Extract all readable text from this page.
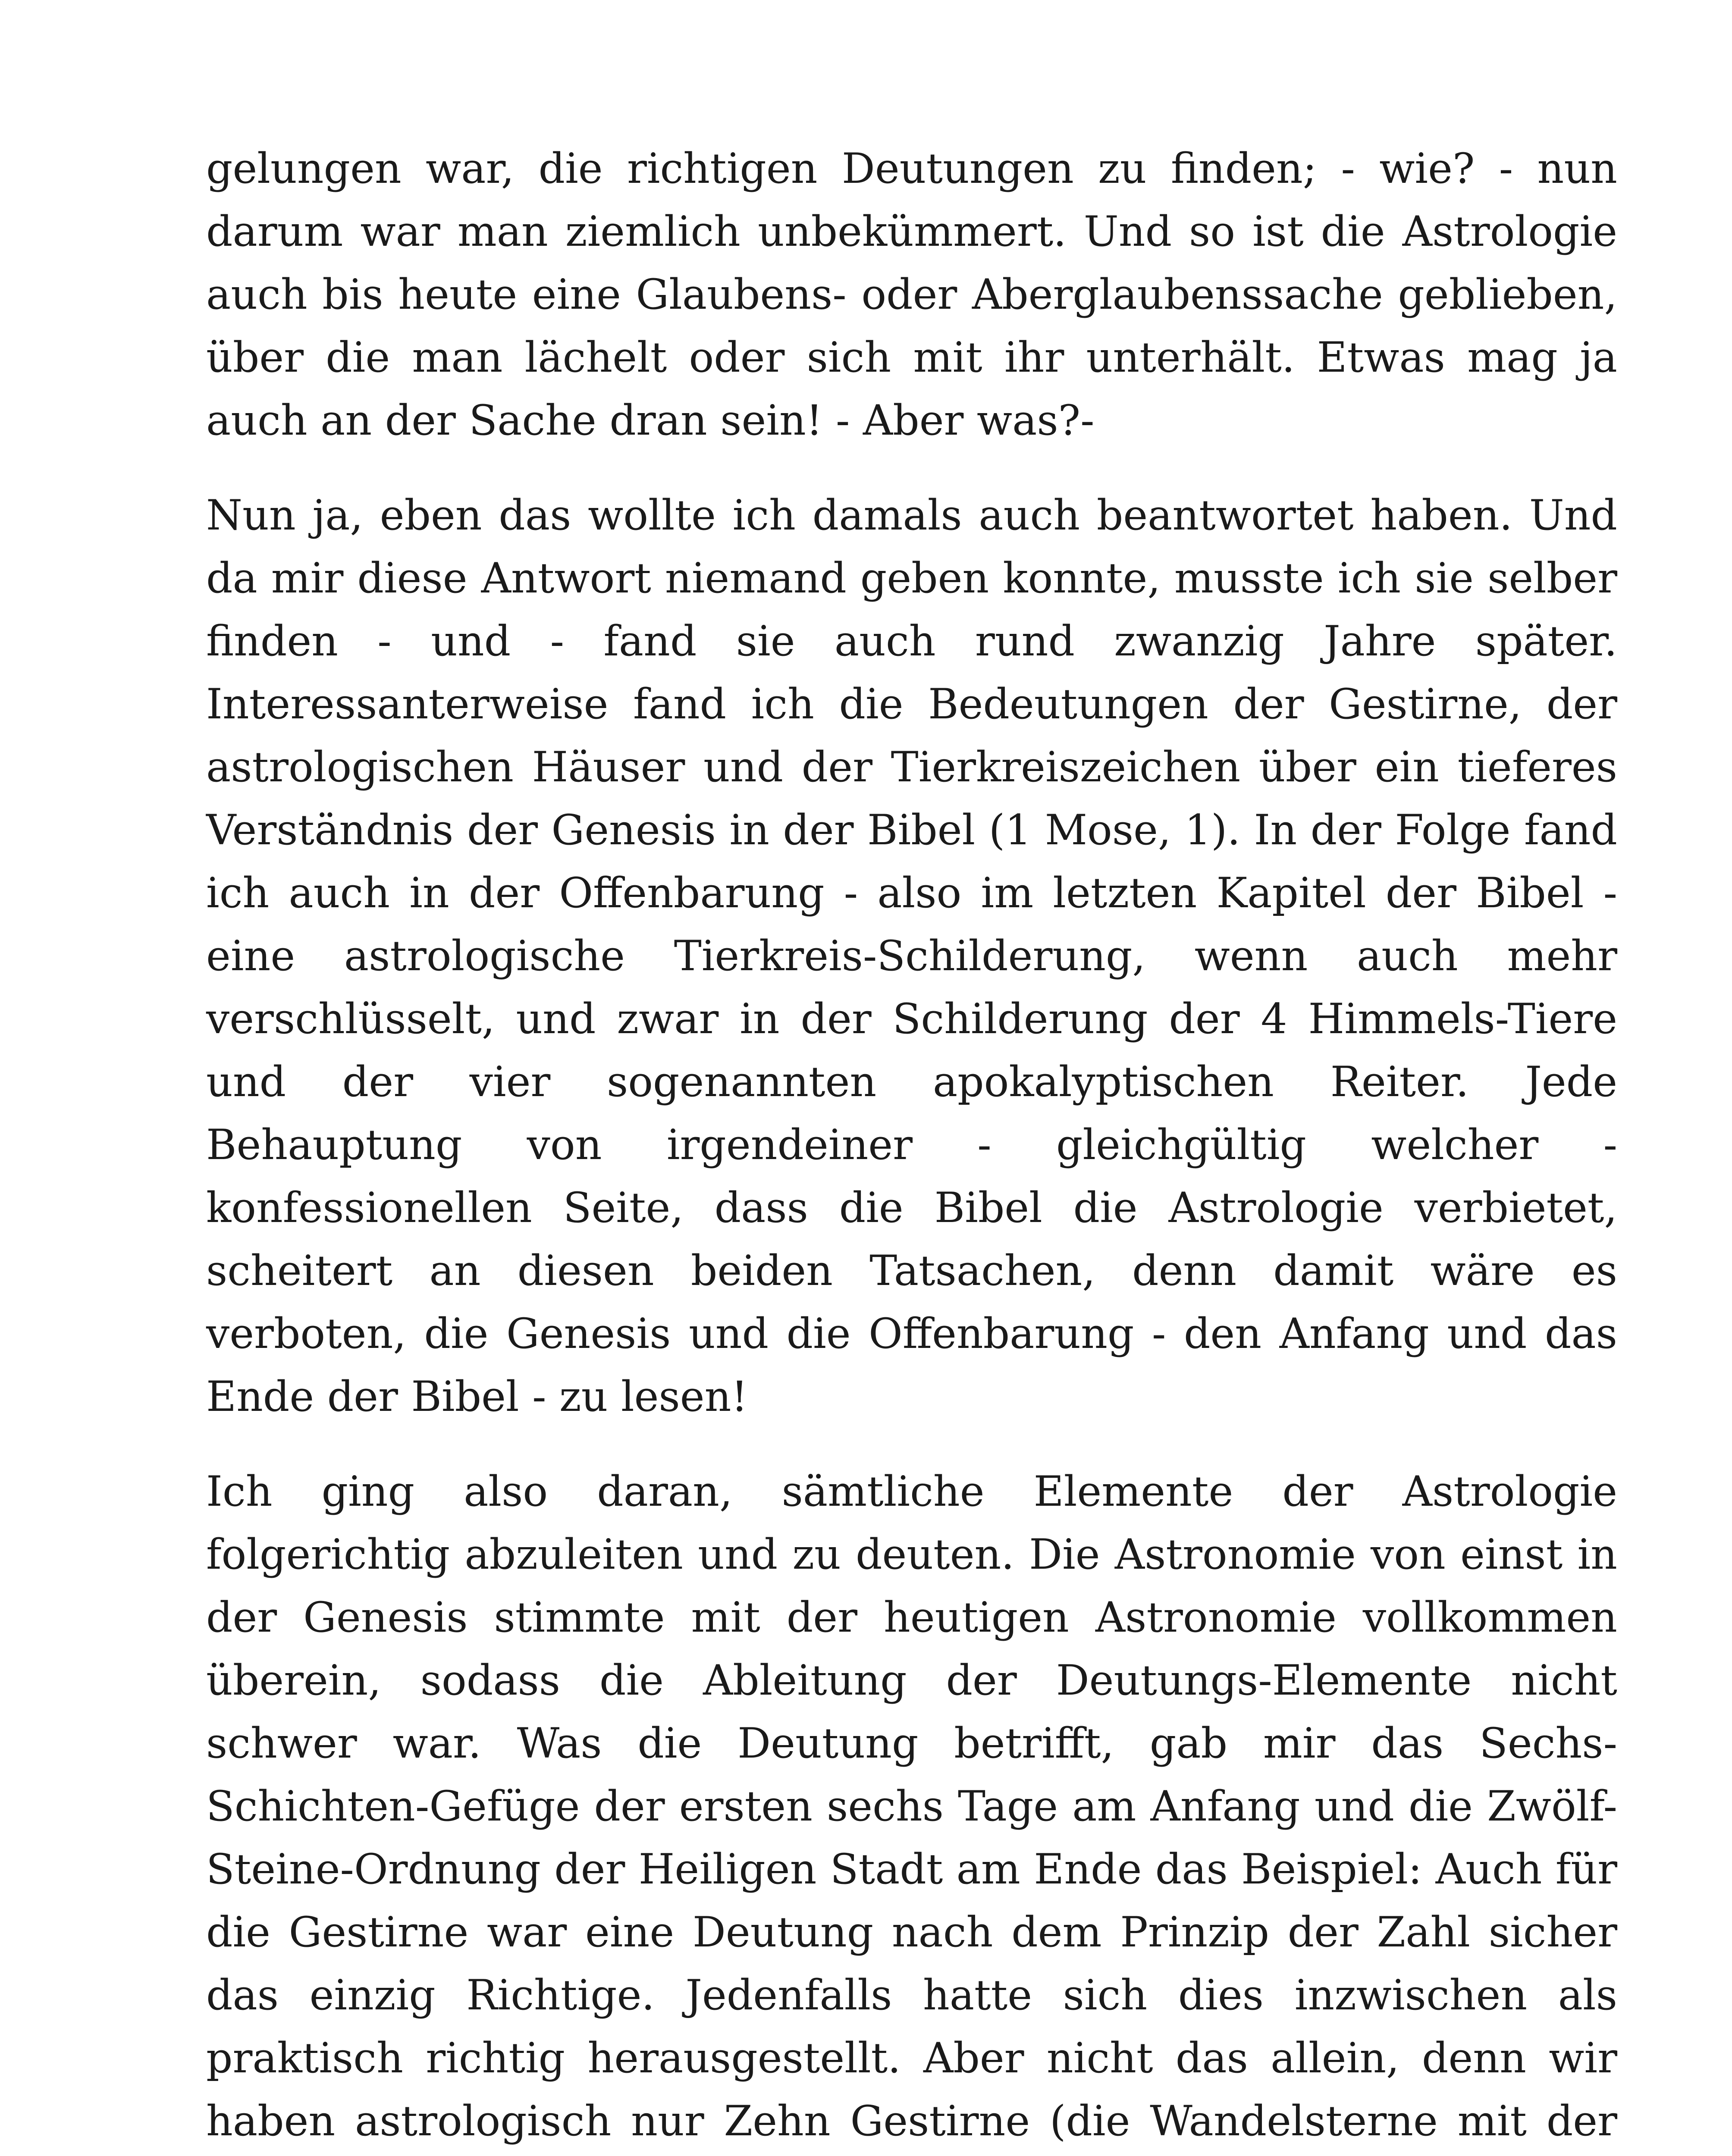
gelungen war, die richtigen Deutungen zu finden; - wie? - nun darum war man ziemlich unbekümmert. Und so ist die Astrologie auch bis heute eine Glaubens- oder Aberglaubenssache geblieben, über die man lächelt oder sich mit ihr unterhält. Etwas mag ja auch an der Sache dran sein! - Aber was?-

Nun ja, eben das wollte ich damals auch beantwortet haben. Und da mir diese Antwort niemand geben konnte, musste ich sie selber finden - und - fand sie auch rund zwanzig Jahre später. Interessanterweise fand ich die Bedeutungen der Gestirne, der astrologischen Häuser und der Tierkreiszeichen über ein tieferes Verständnis der Genesis in der Bibel (1 Mose, 1). In der Folge fand ich auch in der Offenbarung - also im letzten Kapitel der Bibel - eine astrologische Tierkreis-Schilderung, wenn auch mehr verschlüsselt, und zwar in der Schilderung der 4 Himmels-Tiere und der vier sogenannten apokalyptischen Reiter. Jede Behauptung von irgendeiner - gleichgültig welcher - konfessionellen Seite, dass die Bibel die Astrologie verbietet, scheitert an diesen beiden Tatsachen, denn damit wäre es verboten, die Genesis und die Offenbarung - den Anfang und das Ende der Bibel - zu lesen!

Ich ging also daran, sämtliche Elemente der Astrologie folgerichtig abzuleiten und zu deuten. Die Astronomie von einst in der Genesis stimmte mit der heutigen Astronomie vollkommen überein, sodass die Ableitung der Deutungs-Elemente nicht schwer war. Was die Deutung betrifft, gab mir das Sechs-Schichten-Gefüge der ersten sechs Tage am Anfang und die Zwölf-Steine-Ordnung der Heiligen Stadt am Ende das Beispiel: Auch für die Gestirne war eine Deutung nach dem Prinzip der Zahl sicher das einzig Richtige. Jedenfalls hatte sich dies inzwischen als praktisch richtig herausgestellt. Aber nicht das allein, denn wir haben astrologisch nur Zehn Gestirne (die Wandelsterne mit der
